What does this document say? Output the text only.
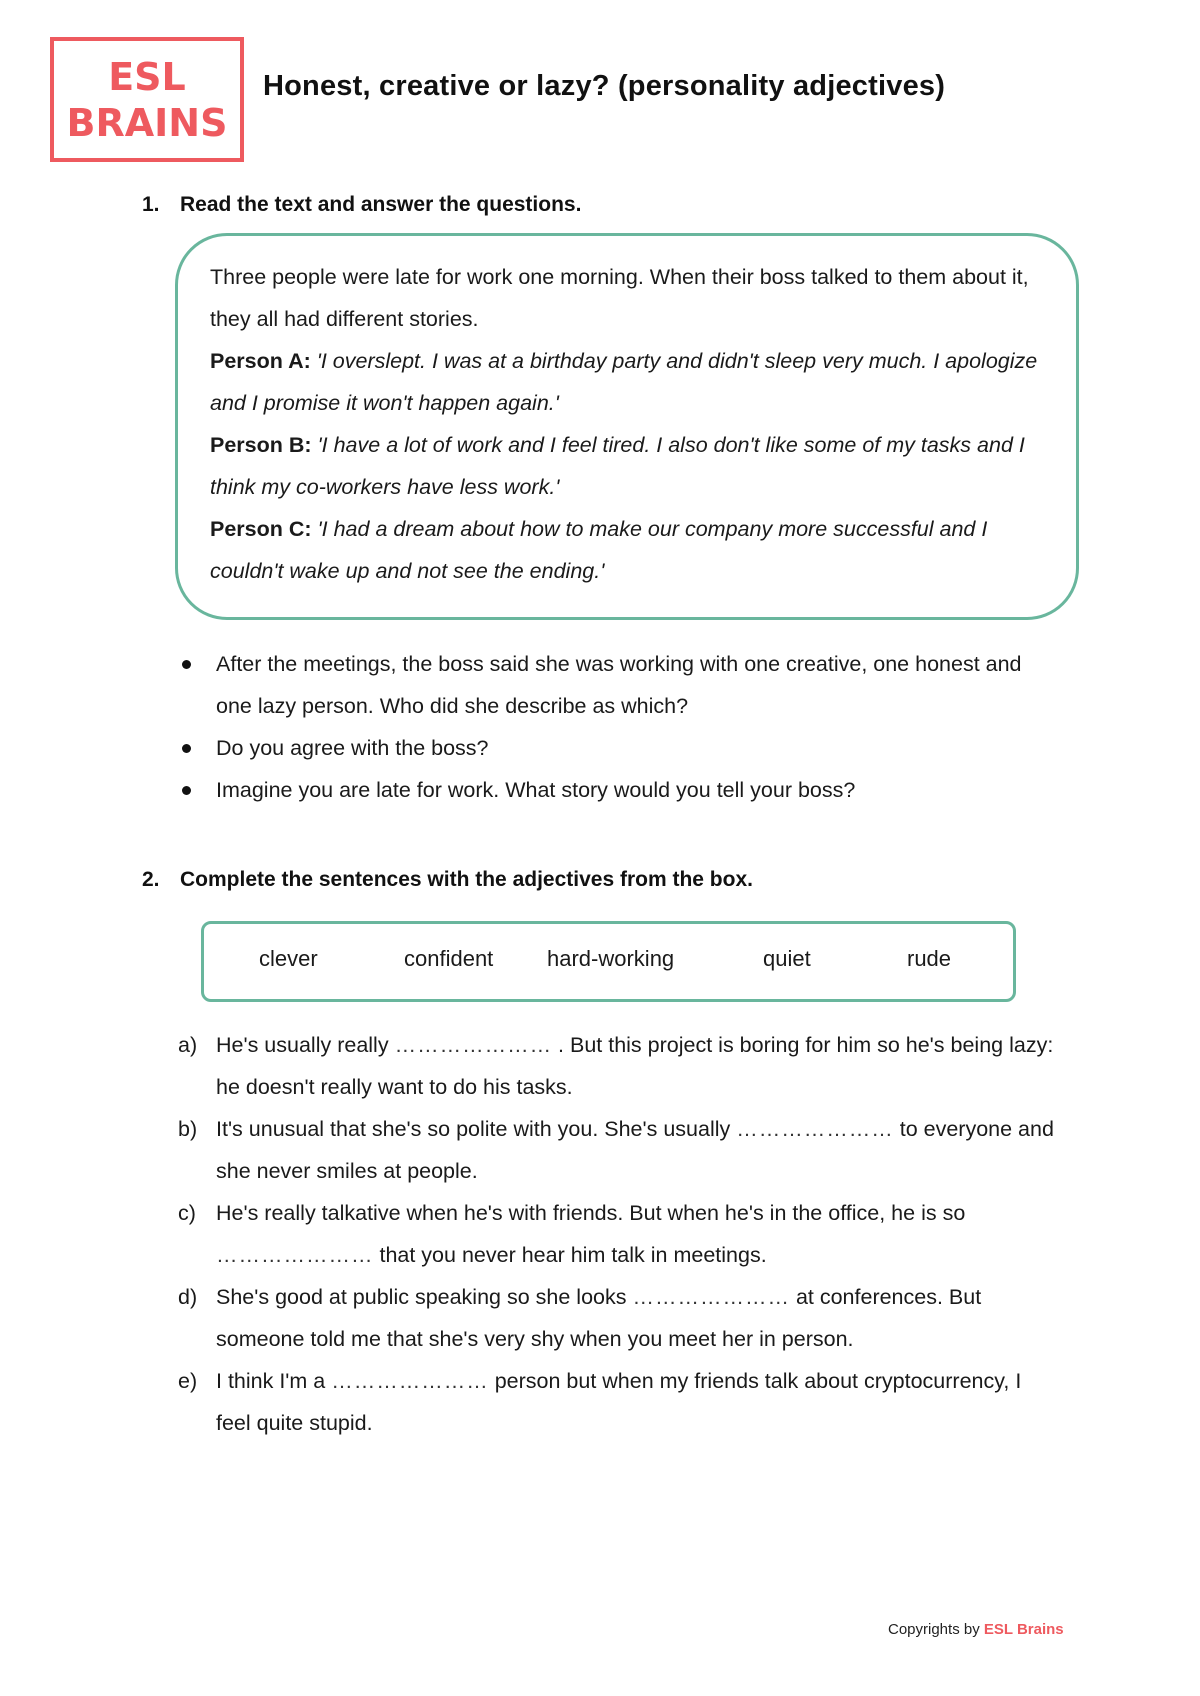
ESL
BRAINS
Honest, creative or lazy? (personality adjectives)
1. Read the text and answer the questions.

Three people were late for work one morning. When their boss talked to them about it, they all had different stories.

Person A: 'I overslept. I was at a birthday party and didn't sleep very much. I apologize and I promise it won't happen again.'

Person B: 'I have a lot of work and I feel tired. I also don't like some of my tasks and I think my co-workers have less work.'

Person C: 'I had a dream about how to make our company more successful and I couldn't wake up and not see the ending.'

After the meetings, the boss said she was working with one creative, one honest and one lazy person. Who did she describe as which?
Do you agree with the boss?
Imagine you are late for work. What story would you tell your boss?
2. Complete the sentences with the adjectives from the box.
clever	confident hard-working	quiet	rude
a) He's usually really ………………… . But this project is boring for him so he's being lazy: he doesn't really want to do his tasks.
b) It's unusual that she's so polite with you. She's usually ………………… to everyone and she never smiles at people.
c) He's really talkative when he's with friends. But when he's in the office, he is so ………………… that you never hear him talk in meetings.
d) She's good at public speaking so she looks ………………… at conferences. But someone told me that she's very shy when you meet her in person.
e) I think I'm a ………………… person but when my friends talk about cryptocurrency, I feel quite stupid.
Copyrights by ESL Brains
